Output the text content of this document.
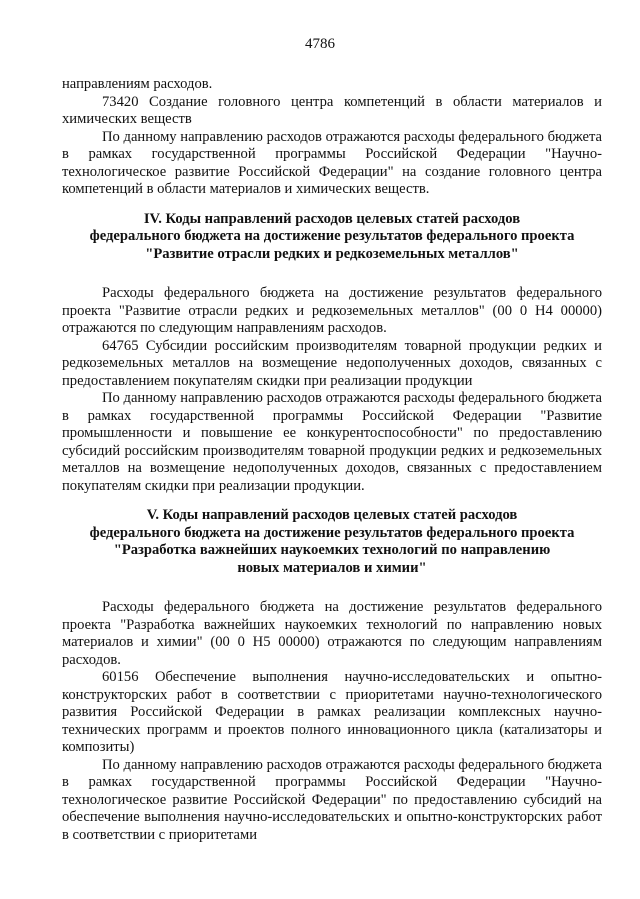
4786

направлениям расходов.

73420 Создание головного центра компетенций в области материалов и химических веществ

По данному направлению расходов отражаются расходы федерального бюджета в рамках государственной программы Российской Федерации "Научно-технологическое развитие Российской Федерации" на создание головного центра компетенций в области материалов и химических веществ.

IV. Коды направлений расходов целевых статей расходов
федерального бюджета на достижение результатов федерального проекта
"Развитие отрасли редких и редкоземельных металлов"

Расходы федерального бюджета на достижение результатов федерального проекта "Развитие отрасли редких и редкоземельных металлов" (00 0 Н4 00000) отражаются по следующим направлениям расходов.

64765 Субсидии российским производителям товарной продукции редких и редкоземельных металлов на возмещение недополученных доходов, связанных с предоставлением покупателям скидки при реализации продукции

По данному направлению расходов отражаются расходы федерального бюджета в рамках государственной программы Российской Федерации "Развитие промышленности и повышение ее конкурентоспособности" по предоставлению субсидий российским производителям товарной продукции редких и редкоземельных металлов на возмещение недополученных доходов, связанных с предоставлением покупателям скидки при реализации продукции.

V. Коды направлений расходов целевых статей расходов
федерального бюджета на достижение результатов федерального проекта
"Разработка важнейших наукоемких технологий по направлению
новых материалов и химии"

Расходы федерального бюджета на достижение результатов федерального проекта "Разработка важнейших наукоемких технологий по направлению новых материалов и химии" (00 0 Н5 00000) отражаются по следующим направлениям расходов.

60156 Обеспечение выполнения научно-исследовательских и опытно-конструкторских работ в соответствии с приоритетами научно-технологического развития Российской Федерации в рамках реализации комплексных научно-технических программ и проектов полного инновационного цикла (катализаторы и композиты)

По данному направлению расходов отражаются расходы федерального бюджета в рамках государственной программы Российской Федерации "Научно-технологическое развитие Российской Федерации" по предоставлению субсидий на обеспечение выполнения научно-исследовательских и опытно-конструкторских работ в соответствии с приоритетами
